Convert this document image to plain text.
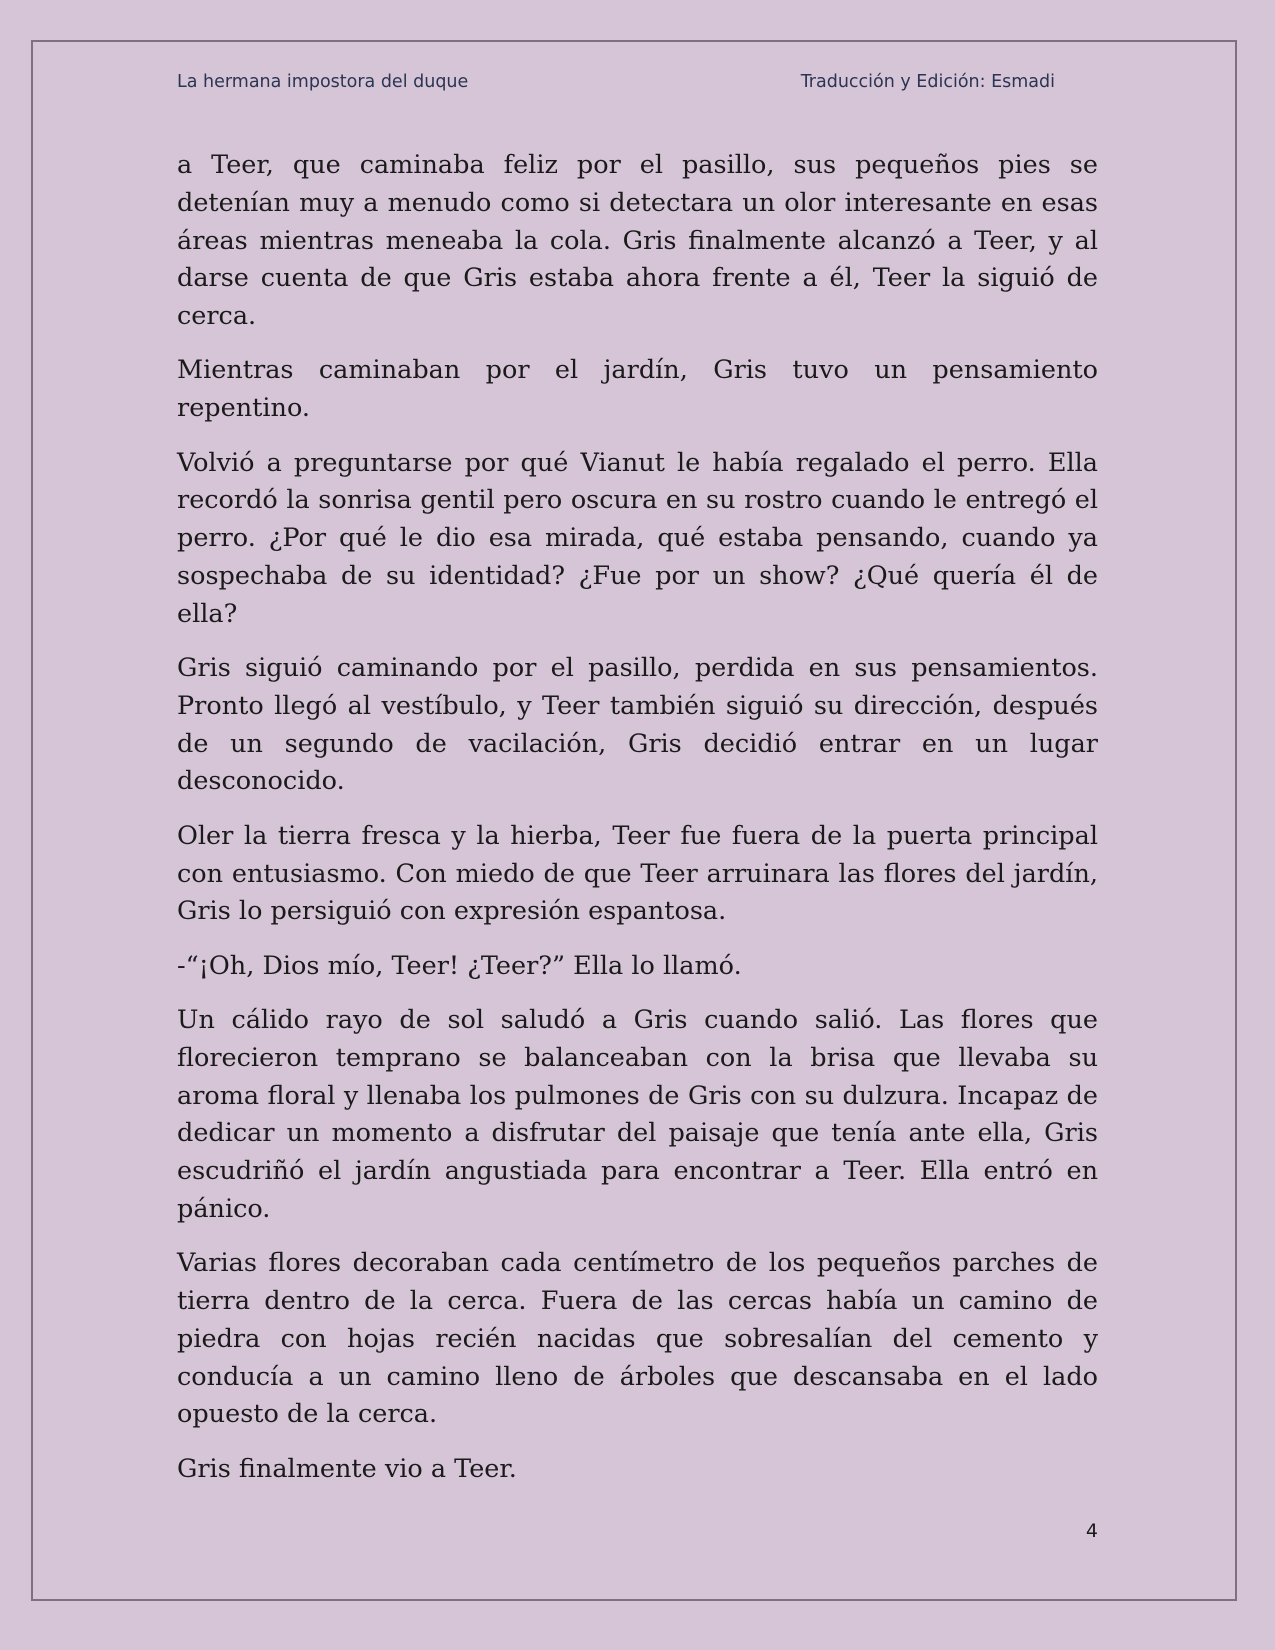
La hermana impostora del duque	Traducción y Edición: Esmadi

a Teer, que caminaba feliz por el pasillo, sus pequeños pies se detenían muy a menudo como si detectara un olor interesante en esas áreas mientras meneaba la cola. Gris finalmente alcanzó a Teer, y al darse cuenta de que Gris estaba ahora frente a él, Teer la siguió de cerca.

Mientras caminaban por el jardín, Gris tuvo un pensamiento repentino.

Volvió a preguntarse por qué Vianut le había regalado el perro. Ella recordó la sonrisa gentil pero oscura en su rostro cuando le entregó el perro. ¿Por qué le dio esa mirada, qué estaba pensando, cuando ya sospechaba de su identidad? ¿Fue por un show? ¿Qué quería él de ella?

Gris siguió caminando por el pasillo, perdida en sus pensamientos. Pronto llegó al vestíbulo, y Teer también siguió su dirección, después de un segundo de vacilación, Gris decidió entrar en un lugar desconocido.

Oler la tierra fresca y la hierba, Teer fue fuera de la puerta principal con entusiasmo. Con miedo de que Teer arruinara las flores del jardín, Gris lo persiguió con expresión espantosa.

-“¡Oh, Dios mío, Teer! ¿Teer?” Ella lo llamó.

Un cálido rayo de sol saludó a Gris cuando salió. Las flores que florecieron temprano se balanceaban con la brisa que llevaba su aroma floral y llenaba los pulmones de Gris con su dulzura. Incapaz de dedicar un momento a disfrutar del paisaje que tenía ante ella, Gris escudriñó el jardín angustiada para encontrar a Teer. Ella entró en pánico.

Varias flores decoraban cada centímetro de los pequeños parches de tierra dentro de la cerca. Fuera de las cercas había un camino de piedra con hojas recién nacidas que sobresalían del cemento y conducía a un camino lleno de árboles que descansaba en el lado opuesto de la cerca.

Gris finalmente vio a Teer.

4
